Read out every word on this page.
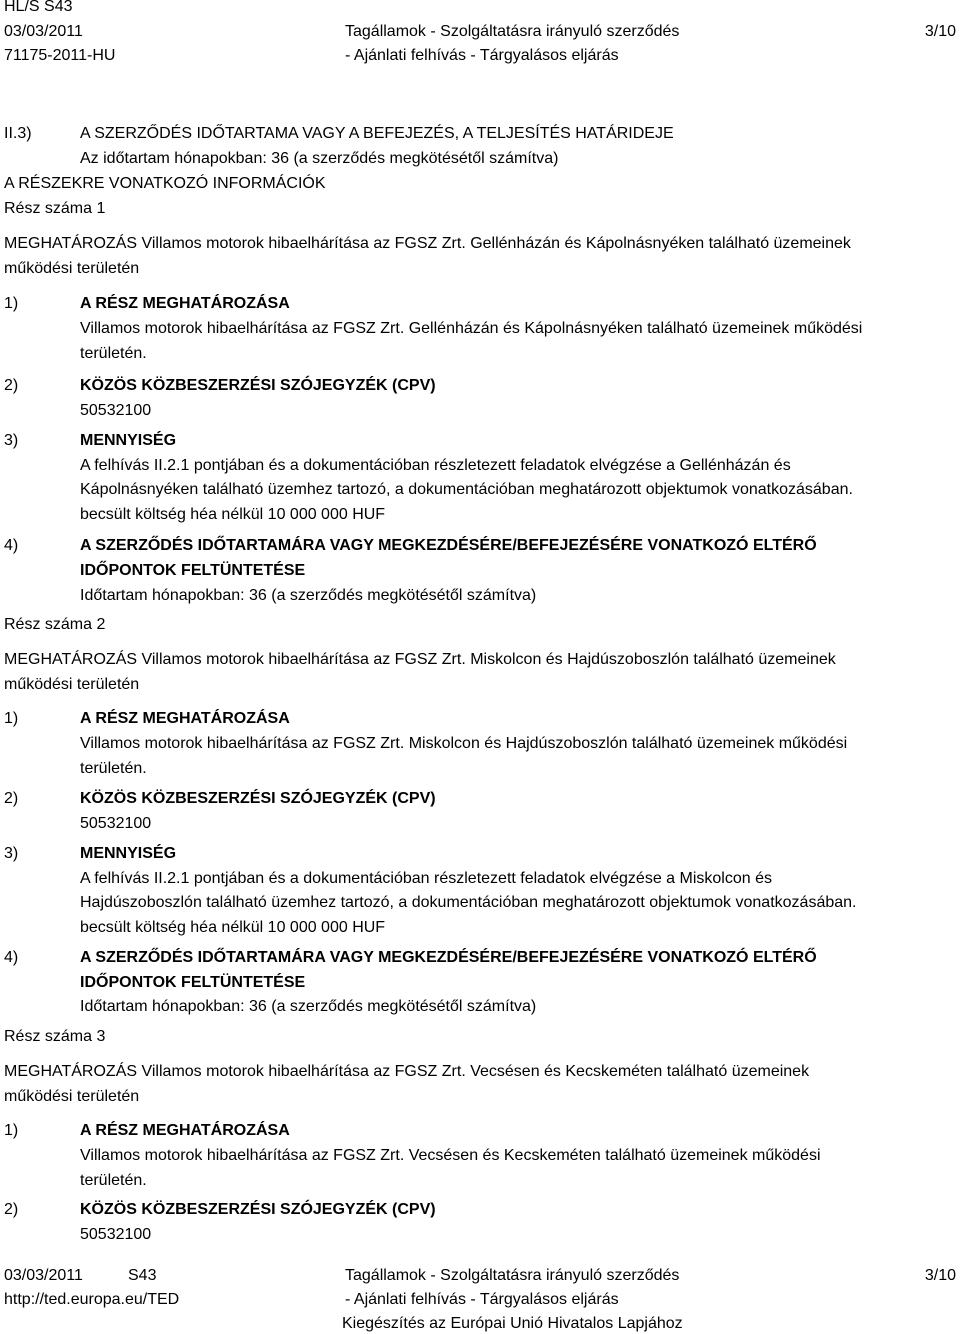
HL/S S43
03/03/2011
71175-2011-HU
Tagállamok - Szolgáltatásra irányuló szerződés
- Ajánlati felhívás - Tárgyalásos eljárás
3/10
II.3)	A SZERZŐDÉS IDŐTARTAMA VAGY A BEFEJEZÉS, A TELJESÍTÉS HATÁRIDEJE
Az időtartam hónapokban: 36 (a szerződés megkötésétől számítva)
A RÉSZEKRE VONATKOZÓ INFORMÁCIÓK
Rész száma 1
MEGHATÁROZÁS Villamos motorok hibaelhárítása az FGSZ Zrt. Gellénházán és Kápolnásnyéken található üzemeinek
működési területén
1)	A RÉSZ MEGHATÁROZÁSA
Villamos motorok hibaelhárítása az FGSZ Zrt. Gellénházán és Kápolnásnyéken található üzemeinek működési
területén.
2)	KÖZÖS KÖZBESZERZÉSI SZÓJEGYZÉK (CPV)
50532100
3)	MENNYISÉG
A felhívás II.2.1 pontjában és a dokumentációban részletezett feladatok elvégzése a Gellénházán és
Kápolnásnyéken található üzemhez tartozó, a dokumentációban meghatározott objektumok vonatkozásában.
becsült költség héa nélkül 10 000 000 HUF
4)	A SZERZŐDÉS IDŐTARTAMÁRA VAGY MEGKEZDÉSÉRE/BEFEJEZÉSÉRE VONATKOZÓ ELTÉRŐ
IDŐPONTOK FELTÜNTETÉSE
Időtartam hónapokban: 36 (a szerződés megkötésétől számítva)
Rész száma 2
MEGHATÁROZÁS Villamos motorok hibaelhárítása az FGSZ Zrt. Miskolcon és Hajdúszoboszlón található üzemeinek
működési területén
1)	A RÉSZ MEGHATÁROZÁSA
Villamos motorok hibaelhárítása az FGSZ Zrt. Miskolcon és Hajdúszoboszlón található üzemeinek működési
területén.
2)	KÖZÖS KÖZBESZERZÉSI SZÓJEGYZÉK (CPV)
50532100
3)	MENNYISÉG
A felhívás II.2.1 pontjában és a dokumentációban részletezett feladatok elvégzése a Miskolcon és
Hajdúszoboszlón található üzemhez tartozó, a dokumentációban meghatározott objektumok vonatkozásában.
becsült költség héa nélkül 10 000 000 HUF
4)	A SZERZŐDÉS IDŐTARTAMÁRA VAGY MEGKEZDÉSÉRE/BEFEJEZÉSÉRE VONATKOZÓ ELTÉRŐ
IDŐPONTOK FELTÜNTETÉSE
Időtartam hónapokban: 36 (a szerződés megkötésétől számítva)
Rész száma 3
MEGHATÁROZÁS Villamos motorok hibaelhárítása az FGSZ Zrt. Vecsésen és Kecskeméten található üzemeinek
működési területén
1)	A RÉSZ MEGHATÁROZÁSA
Villamos motorok hibaelhárítása az FGSZ Zrt. Vecsésen és Kecskeméten található üzemeinek működési
területén.
2)	KÖZÖS KÖZBESZERZÉSI SZÓJEGYZÉK (CPV)
50532100
03/03/2011	S43
http://ted.europa.eu/TED
Tagállamok - Szolgáltatásra irányuló szerződés
- Ajánlati felhívás - Tárgyalásos eljárás
Kiegészítés az Európai Unió Hivatalos Lapjához
3/10
